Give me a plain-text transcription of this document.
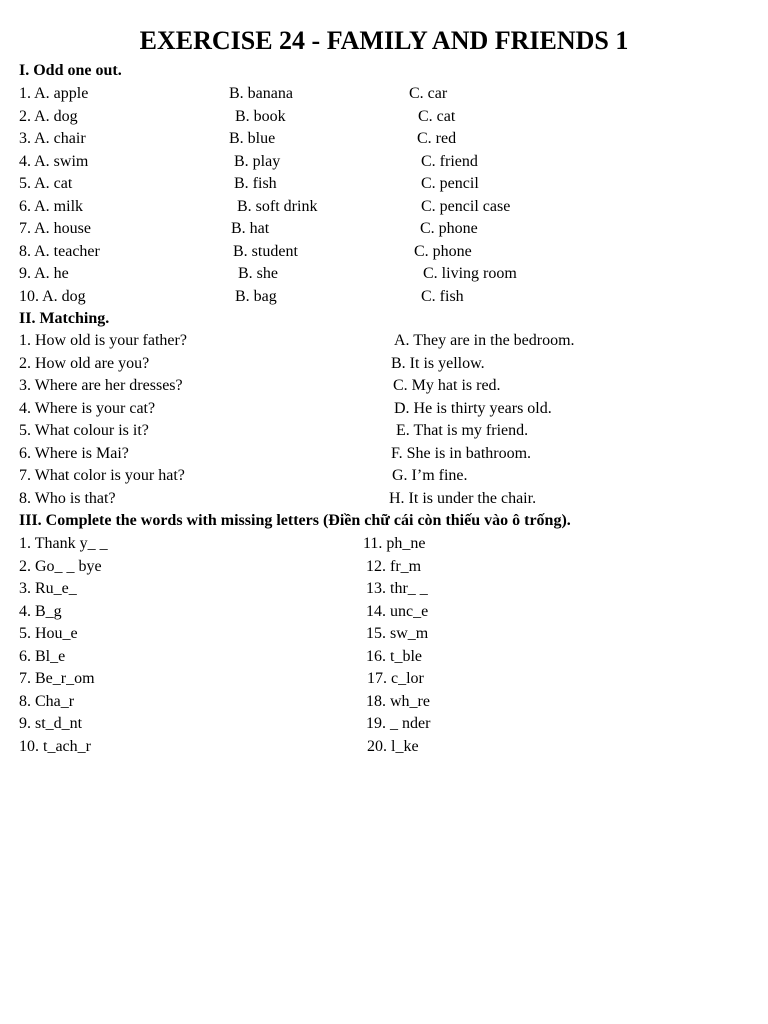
EXERCISE 24 - FAMILY AND FRIENDS 1
I. Odd one out.
1. A. apple	B. banana	C. car
2. A. dog	B. book	C. cat
3. A. chair	B. blue	C. red
4. A. swim	B. play	C. friend
5. A. cat	B. fish	C. pencil
6. A. milk	B. soft drink	C. pencil case
7. A. house	B. hat	C. phone
8. A. teacher	B. student	C. phone
9. A. he	B. she	C. living room
10. A. dog	B. bag	C. fish
II. Matching.
1. How old is your father?	A. They are in the bedroom.
2. How old are you?	B. It is yellow.
3. Where are her dresses?	C. My hat is red.
4. Where is your cat?	D. He is thirty years old.
5. What colour is it?	E. That is my friend.
6. Where is Mai?	F. She is in bathroom.
7. What color is your hat?	G. I’m fine.
8. Who is that?	H. It is under the chair.
III. Complete the words with missing letters (Điền chữ cái còn thiếu vào ô trống).
1. Thank y_ _	11. ph_ne
2. Go_ _ bye	12. fr_m
3. Ru_e_	13. thr_ _
4. B_g	14. unc_e
5. Hou_e	15. sw_m
6. Bl_e	16. t_ble
7. Be_r_om	17. c_lor
8. Cha_r	18. wh_re
9. st_d_nt	19. _ nder
10. t_ach_r	20. l_ke
